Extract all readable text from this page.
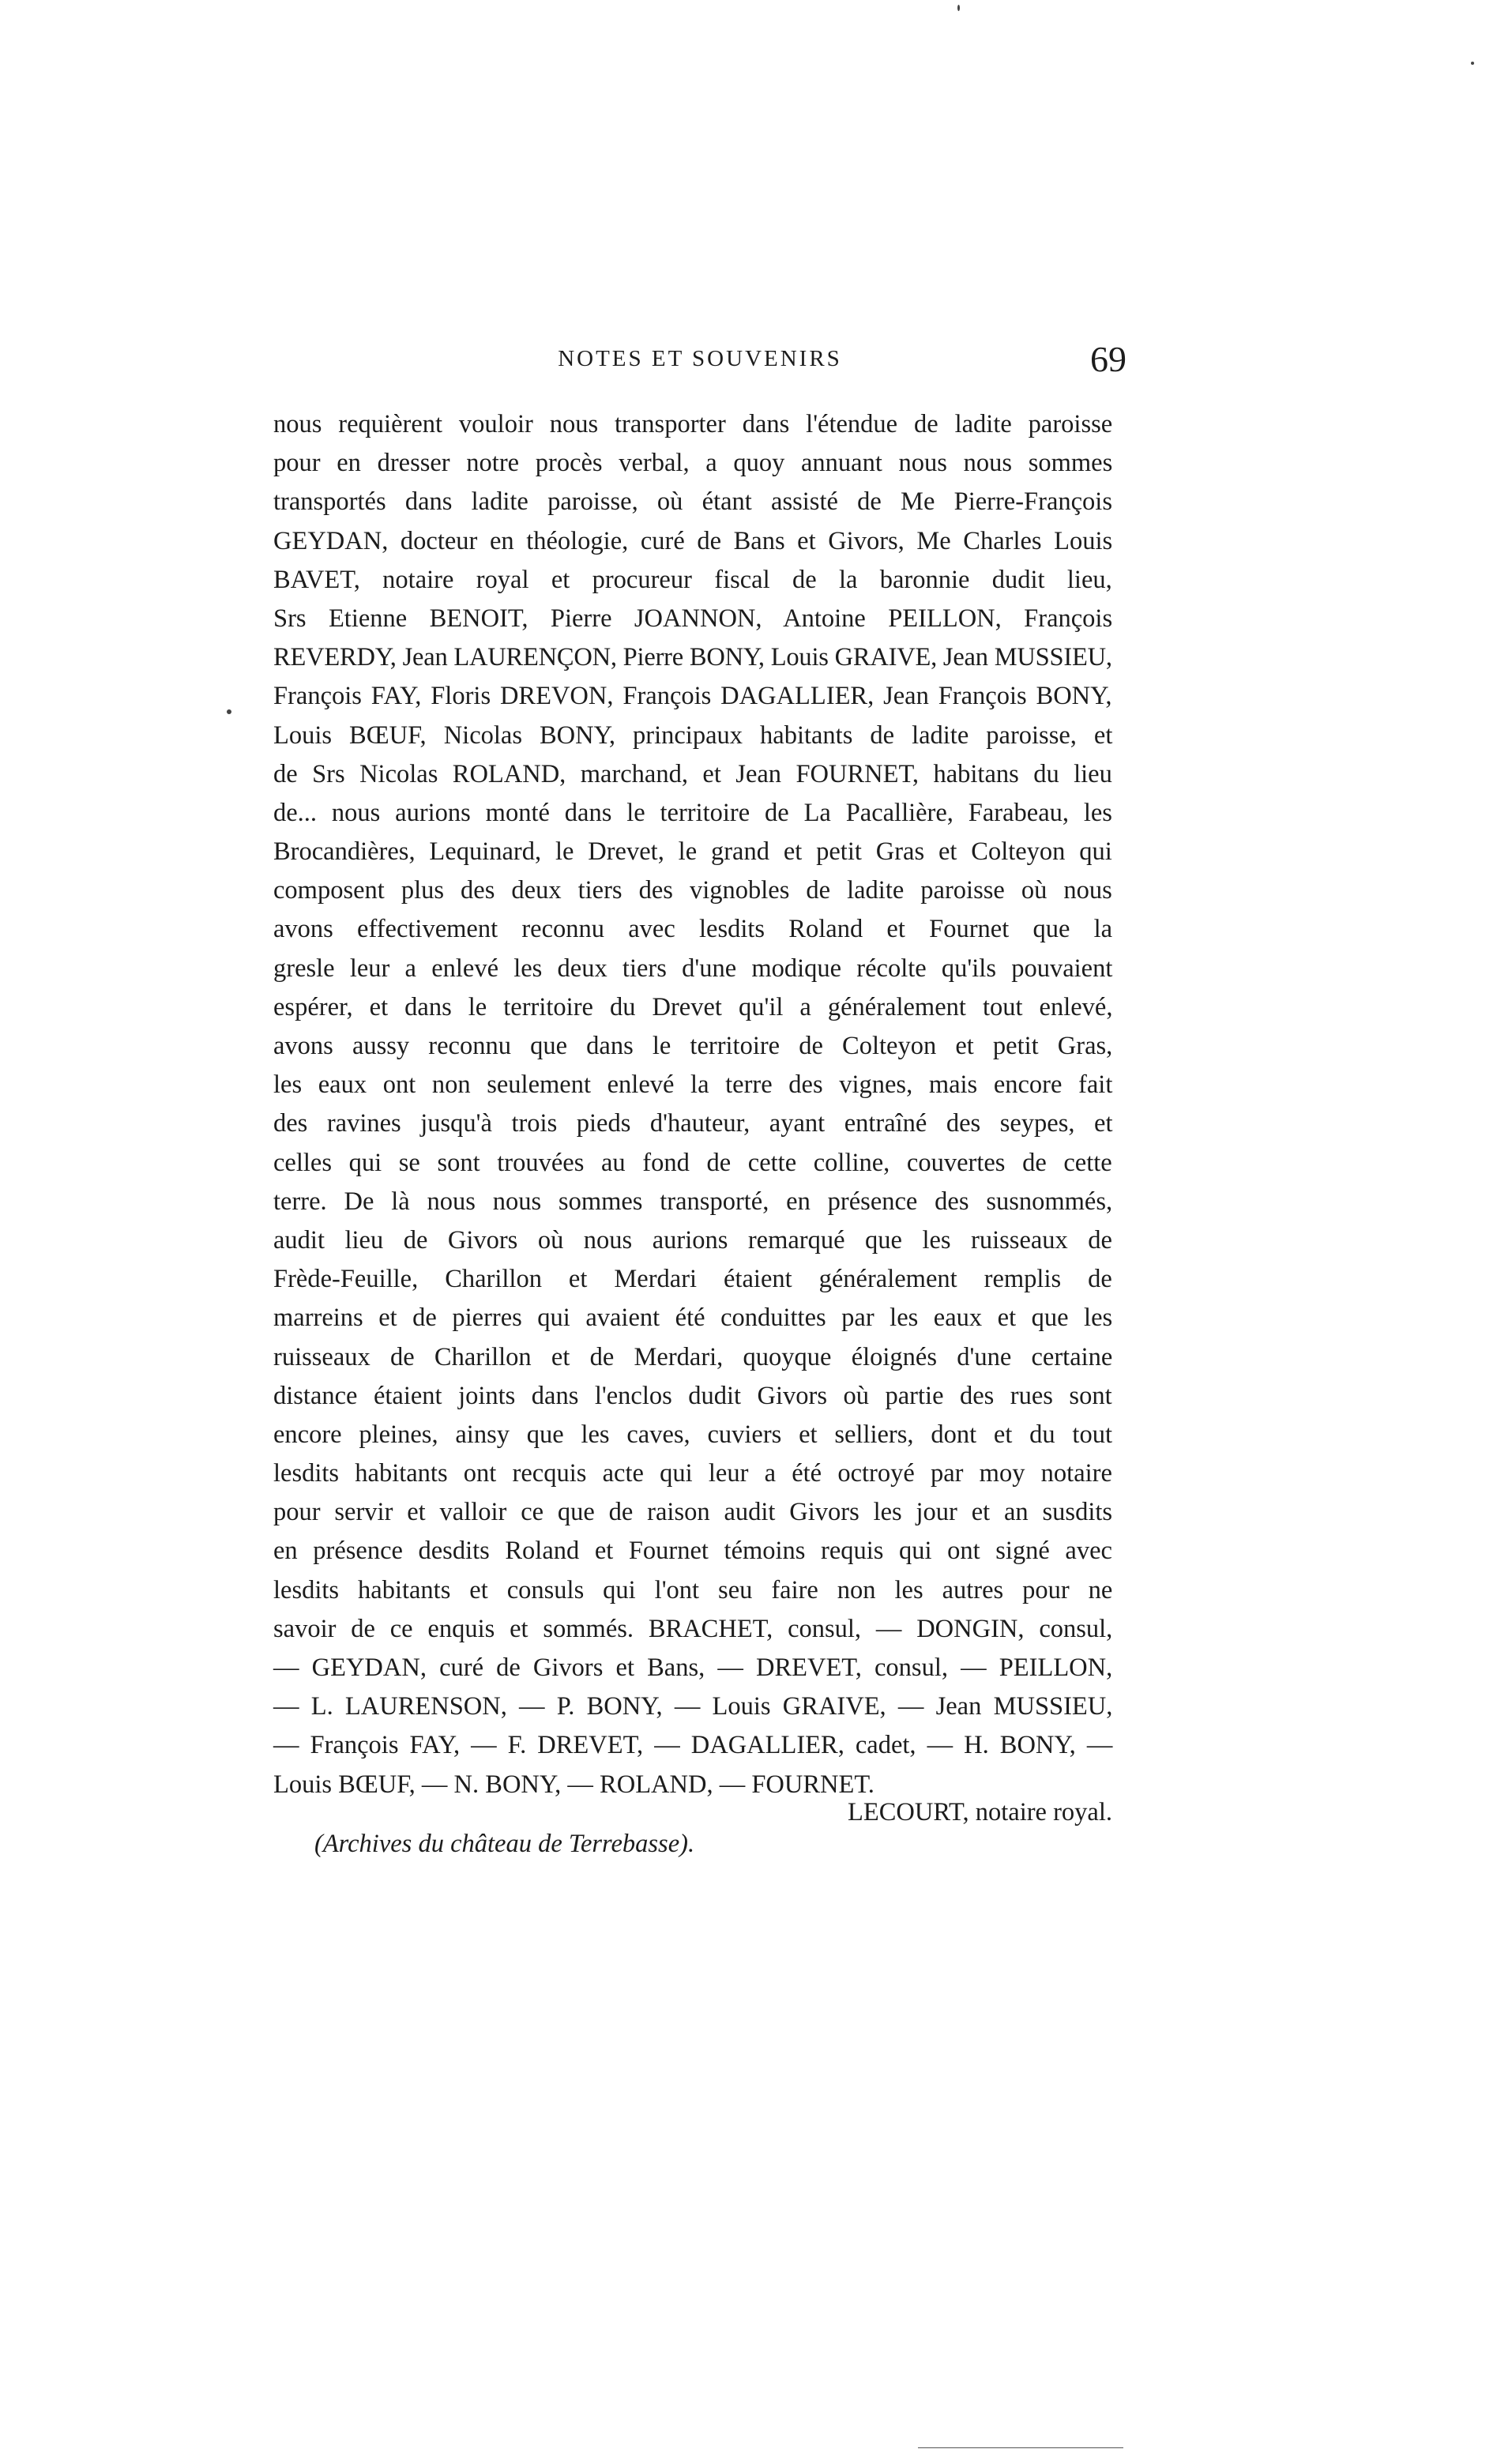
NOTES ET SOUVENIRS	69
nous requièrent vouloir nous transporter dans l'étendue de ladite paroisse
pour en dresser notre procès verbal, a quoy annuant nous nous sommes
transportés dans ladite paroisse, où étant assisté de Me Pierre-François
GEYDAN, docteur en théologie, curé de Bans et Givors, Me Charles Louis
BAVET, notaire royal et procureur fiscal de la baronnie dudit lieu,
Srs Etienne BENOIT, Pierre JOANNON, Antoine PEILLON, François
REVERDY, Jean LAURENÇON, Pierre BONY, Louis GRAIVE, Jean MUSSIEU,
François FAY, Floris DREVON, François DAGALLIER, Jean François BONY,
Louis BŒUF, Nicolas BONY, principaux habitants de ladite paroisse, et
de Srs Nicolas ROLAND, marchand, et Jean FOURNET, habitans du lieu
de... nous aurions monté dans le territoire de La Pacallière, Farabeau, les
Brocandières, Lequinard, le Drevet, le grand et petit Gras et Colteyon qui
composent plus des deux tiers des vignobles de ladite paroisse où nous
avons effectivement reconnu avec lesdits Roland et Fournet que la
gresle leur a enlevé les deux tiers d'une modique récolte qu'ils pouvaient
espérer, et dans le territoire du Drevet qu'il a généralement tout enlevé,
avons aussy reconnu que dans le territoire de Colteyon et petit Gras,
les eaux ont non seulement enlevé la terre des vignes, mais encore fait
des ravines jusqu'à trois pieds d'hauteur, ayant entraîné des seypes, et
celles qui se sont trouvées au fond de cette colline, couvertes de cette
terre. De là nous nous sommes transporté, en présence des susnommés,
audit lieu de Givors où nous aurions remarqué que les ruisseaux de
Frède-Feuille, Charillon et Merdari étaient généralement remplis de
marreins et de pierres qui avaient été conduittes par les eaux et que les
ruisseaux de Charillon et de Merdari, quoyque éloignés d'une certaine
distance étaient joints dans l'enclos dudit Givors où partie des rues sont
encore pleines, ainsy que les caves, cuviers et selliers, dont et du tout
lesdits habitants ont recquis acte qui leur a été octroyé par moy notaire
pour servir et valloir ce que de raison audit Givors les jour et an susdits
en présence desdits Roland et Fournet témoins requis qui ont signé avec
lesdits habitants et consuls qui l'ont seu faire non les autres pour ne
savoir de ce enquis et sommés. BRACHET, consul, — DONGIN, consul,
— GEYDAN, curé de Givors et Bans, — DREVET, consul, — PEILLON,
— L. LAURENSON, — P. BONY, — Louis GRAIVE, — Jean MUSSIEU,
— François FAY, — F. DREVET, — DAGALLIER, cadet, — H. BONY, —
Louis BŒUF, — N. BONY, — ROLAND, — FOURNET.
LECOURT, notaire royal.
(Archives du château de Terrebasse).
